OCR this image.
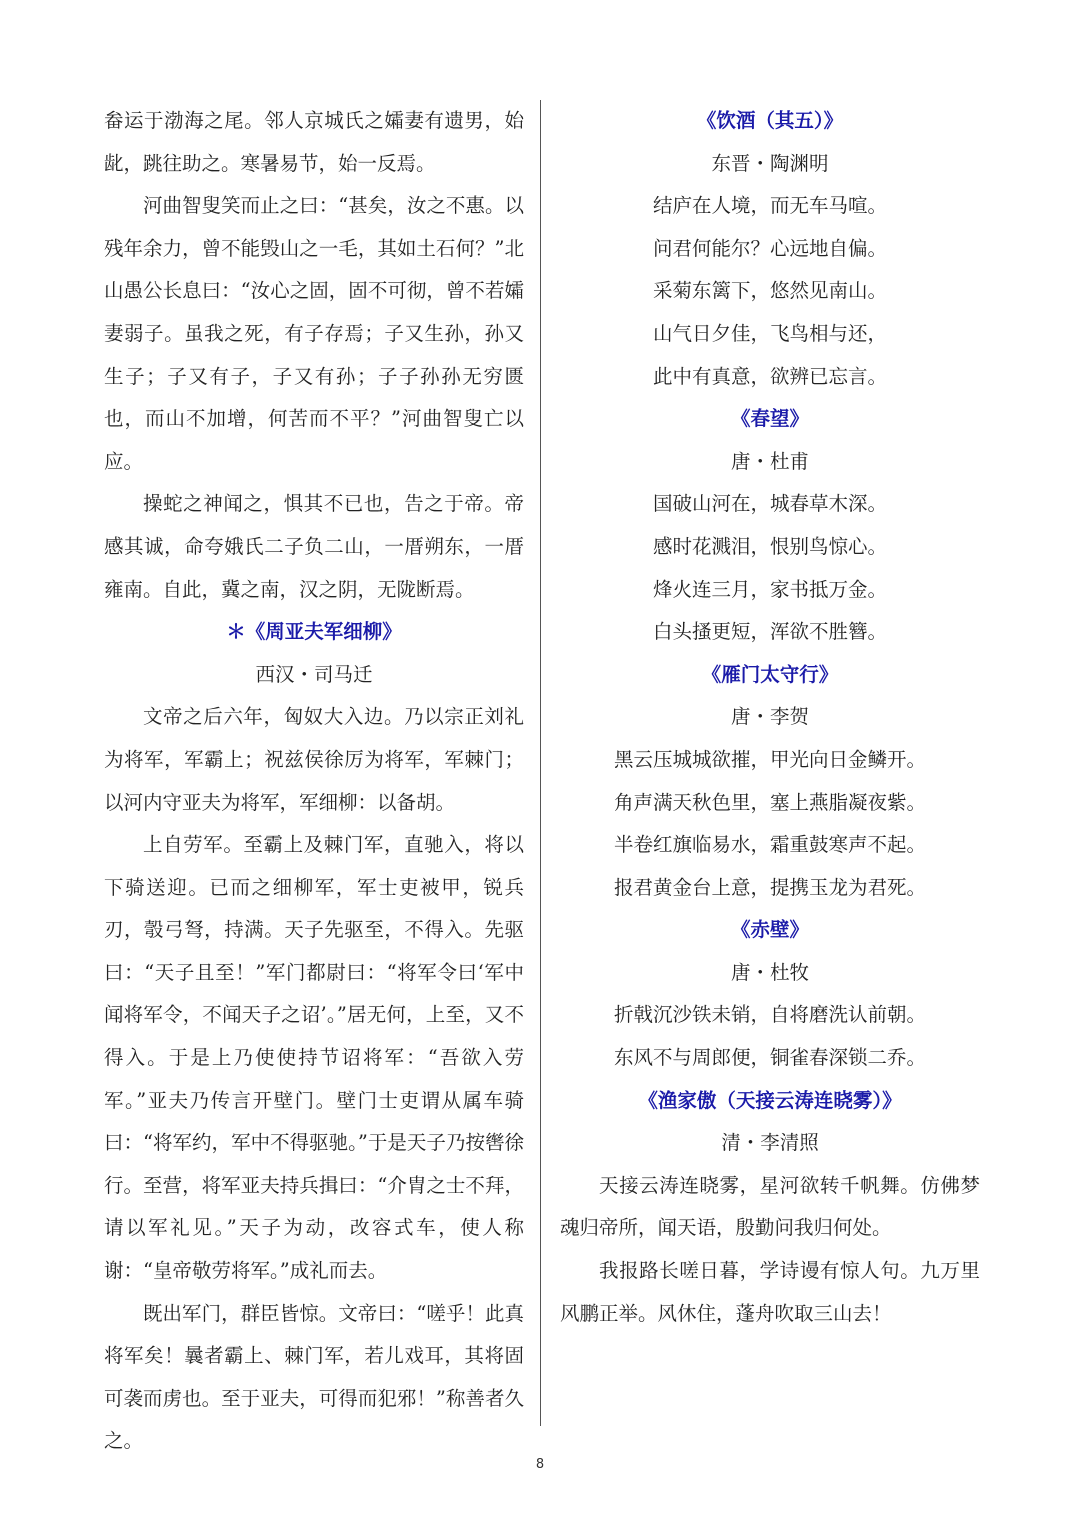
畚运于渤海之尾。邻人京城氏之孀妻有遗男，始龀，跳往助之。寒暑易节，始一反焉。

河曲智叟笑而止之曰：“甚矣，汝之不惠。以残年余力，曾不能毁山之一毛，其如土石何？”北山愚公长息曰：“汝心之固，固不可彻，曾不若孀妻弱子。虽我之死，有子存焉；子又生孙，孙又生子；子又有子，子又有孙；子子孙孙无穷匮也，而山不加增，何苦而不平？”河曲智叟亡以应。

操蛇之神闻之，惧其不已也，告之于帝。帝感其诚，命夸娥氏二子负二山，一厝朔东，一厝雍南。自此，冀之南，汉之阴，无陇断焉。

＊《周亚夫军细柳》

西汉・司马迁

文帝之后六年，匈奴大入边。乃以宗正刘礼为将军，军霸上；祝兹侯徐厉为将军，军棘门；以河内守亚夫为将军，军细柳：以备胡。

上自劳军。至霸上及棘门军，直驰入，将以下骑送迎。已而之细柳军，军士吏被甲，锐兵刃，彀弓弩，持满。天子先驱至，不得入。先驱曰：“天子且至！”军门都尉曰：“将军令曰‘军中闻将军令，不闻天子之诏’。”居无何，上至，又不得入。于是上乃使使持节诏将军：“吾欲入劳军。”亚夫乃传言开壁门。壁门士吏谓从属车骑曰：“将军约，军中不得驱驰。”于是天子乃按辔徐行。至营，将军亚夫持兵揖曰：“介胄之士不拜，请以军礼见。”天子为动，改容式车，使人称谢：“皇帝敬劳将军。”成礼而去。

既出军门，群臣皆惊。文帝曰：“嗟乎！此真将军矣！曩者霸上、棘门军，若儿戏耳，其将固可袭而虏也。至于亚夫，可得而犯邪！”称善者久之。

《饮酒（其五）》

东晋・陶渊明

结庐在人境，而无车马喧。

问君何能尔？心远地自偏。

采菊东篱下，悠然见南山。

山气日夕佳，飞鸟相与还，

此中有真意，欲辨已忘言。

《春望》

唐・杜甫

国破山河在，城春草木深。

感时花溅泪，恨别鸟惊心。

烽火连三月，家书抵万金。

白头搔更短，浑欲不胜簪。

《雁门太守行》

唐・李贺

黑云压城城欲摧，甲光向日金鳞开。

角声满天秋色里，塞上燕脂凝夜紫。

半卷红旗临易水，霜重鼓寒声不起。

报君黄金台上意，提携玉龙为君死。

《赤壁》

唐・杜牧

折戟沉沙铁未销，自将磨洗认前朝。

东风不与周郎便，铜雀春深锁二乔。

《渔家傲（天接云涛连晓雾）》

清・李清照

天接云涛连晓雾，星河欲转千帆舞。仿佛梦魂归帝所，闻天语，殷勤问我归何处。

我报路长嗟日暮，学诗谩有惊人句。九万里风鹏正举。风休住，蓬舟吹取三山去！

8
